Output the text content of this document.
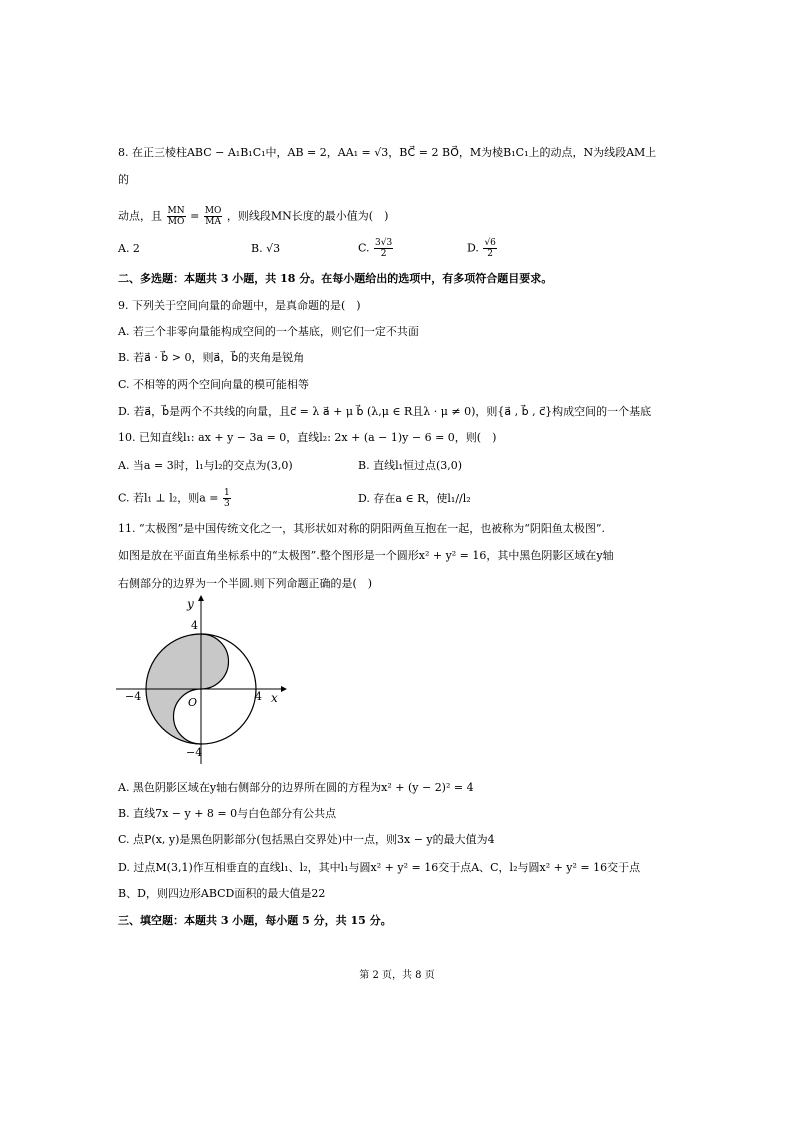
8. 在正三棱柱ABC − A₁B₁C₁中，AB = 2，AA₁ = √3，BC⃗ = 2 BO⃗，M为棱B₁C₁上的动点，N为线段AM上
的
动点，且 $\frac{MN}{MO} = \frac{MO}{MA}$ ，则线段MN长度的最小值为(　)
A. 2	B. √3	C. $\frac{3√3}{2}$	D. $\frac{√6}{2}$
二、多选题：本题共 3 小题，共 18 分。在每小题给出的选项中，有多项符合题目要求。
9. 下列关于空间向量的命题中，是真命题的是(　)
A. 若三个非零向量能构成空间的一个基底，则它们一定不共面
B. 若a⃗ · b⃗ > 0，则a⃗，b⃗的夹角是锐角
C. 不相等的两个空间向量的模可能相等
D. 若a⃗，b⃗是两个不共线的向量，且c⃗ = λ a⃗ + μ b⃗ (λ,μ ∈ R且λ · μ ≠ 0)，则{a⃗ , b⃗ , c⃗}构成空间的一个基底
10. 已知直线l₁: ax + y − 3a = 0，直线l₂: 2x + (a − 1)y − 6 = 0，则(　)
A. 当a = 3时，l₁与l₂的交点为(3,0)	B. 直线l₁恒过点(3,0)
C. 若l₁ ⊥ l₂，则$a = \frac{1}{3}$	D. 存在a ∈ R，使l₁//l₂
11. “太极图”是中国传统文化之一，其形状如对称的阴阳两鱼互抱在一起，也被称为“阴阳鱼太极图”.
如图是放在平面直角坐标系中的“太极图”.整个图形是一个圆形x² + y² = 16，其中黑色阴影区域在y轴
右侧部分的边界为一个半圆.则下列命题正确的是(　)
y
x
O
4
−4
−4	4
A. 黑色阴影区域在y轴右侧部分的边界所在圆的方程为x² + (y − 2)² = 4
B. 直线7x − y + 8 = 0与白色部分有公共点
C. 点P(x, y)是黑色阴影部分(包括黑白交界处)中一点，则3x − y的最大值为4
D. 过点M(3,1)作互相垂直的直线l₁、l₂，其中l₁与圆x² + y² = 16交于点A、C，l₂与圆x² + y² = 16交于点
B、D，则四边形ABCD面积的最大值是22
三、填空题：本题共 3 小题，每小题 5 分，共 15 分。
第 2 页，共 8 页
